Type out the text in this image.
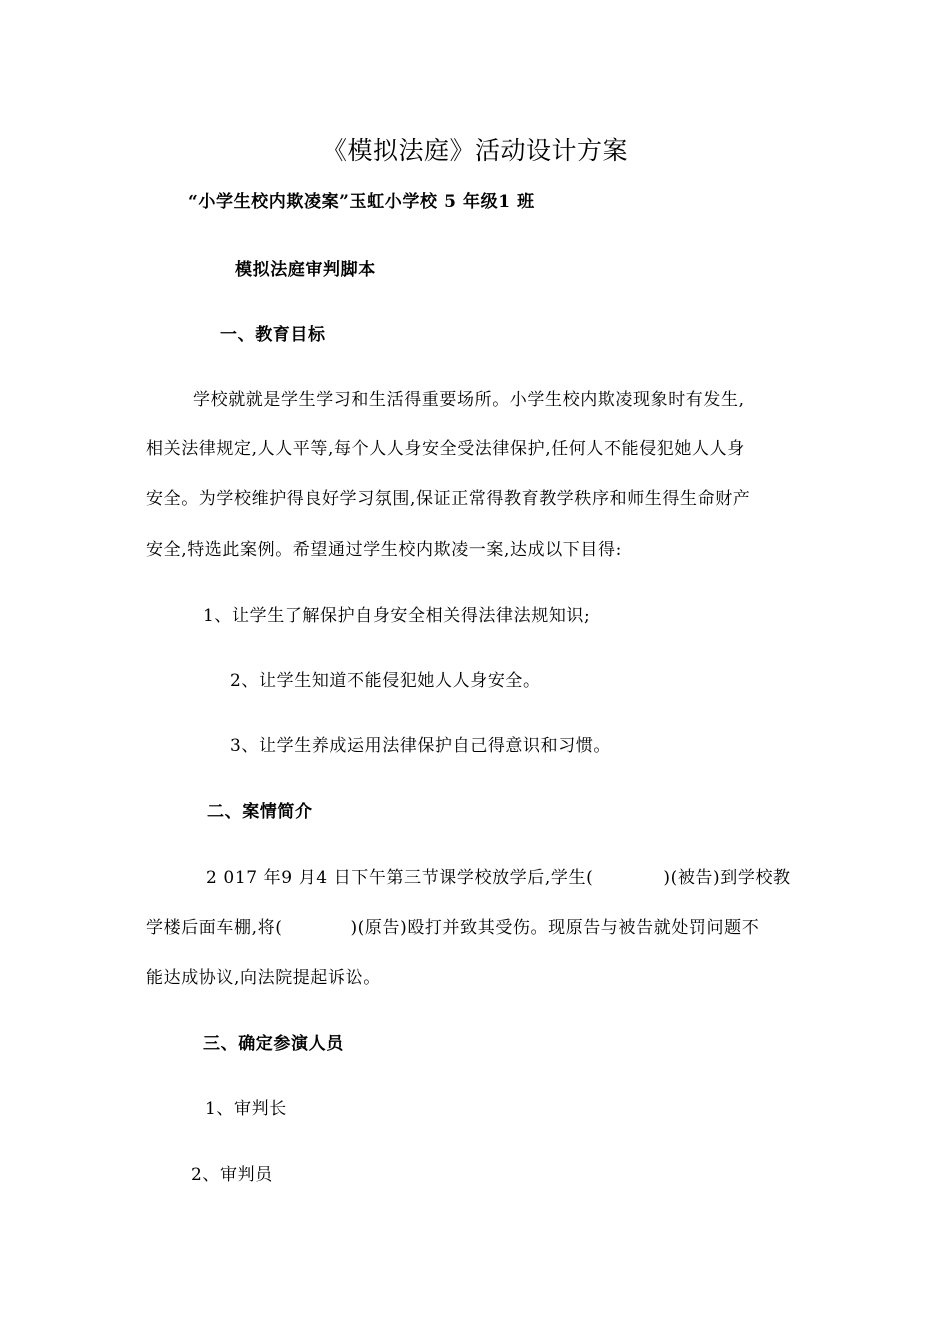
《模拟法庭》活动设计方案
“小学生校内欺凌案”玉虹小学校 5 年级1 班
模拟法庭审判脚本
一、教育目标
学校就就是学生学习和生活得重要场所。小学生校内欺凌现象时有发生,
相关法律规定,人人平等,每个人人身安全受法律保护,任何人不能侵犯她人人身
安全。为学校维护得良好学习氛围,保证正常得教育教学秩序和师生得生命财产
安全,特选此案例。希望通过学生校内欺凌一案,达成以下目得:
1、让学生了解保护自身安全相关得法律法规知识;
2、让学生知道不能侵犯她人人身安全。
3、让学生养成运用法律保护自己得意识和习惯。
二、案情简介
2 017 年9 月4 日下午第三节课学校放学后,学生(	)(被告)到学校教
学楼后面车棚,将(	)(原告)殴打并致其受伤。现原告与被告就处罚问题不
能达成协议,向法院提起诉讼。
三、确定参演人员
1、审判长
2、审判员
